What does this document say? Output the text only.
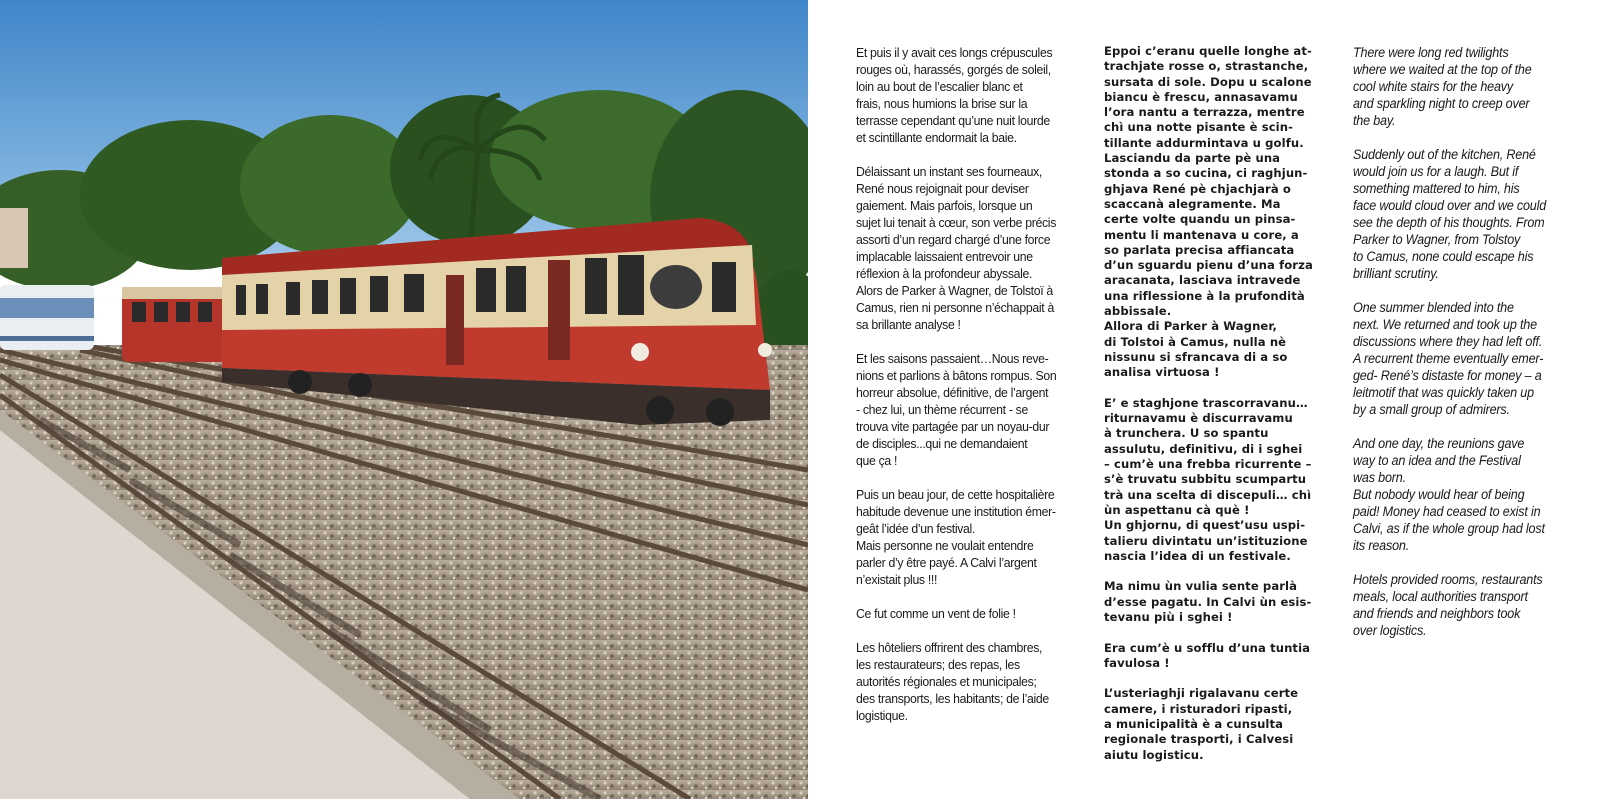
Et puis il y avait ces longs crépuscules
rouges où, harassés, gorgés de soleil,
loin au bout de l’escalier blanc et
frais, nous humions la brise sur la
terrasse cependant qu’une nuit lourde
et scintillante endormait la baie.

Délaissant un instant ses fourneaux,
René nous rejoignait pour deviser
gaiement. Mais parfois, lorsque un
sujet lui tenait à cœur, son verbe précis
assorti d’un regard chargé d’une force
implacable laissaient entrevoir une
réflexion à la profondeur abyssale.
Alors de Parker à Wagner, de Tolstoï à
Camus, rien ni personne n’échappait à
sa brillante analyse !

Et les saisons passaient…Nous reve-
nions et parlions à bâtons rompus. Son
horreur absolue, définitive, de l’argent
- chez lui, un thème récurrent - se
trouva vite partagée par un noyau-dur
de disciples...qui ne demandaient
que ça !

Puis un beau jour, de cette hospitalière
habitude devenue une institution émer-
geât l’idée d’un festival.
Mais personne ne voulait entendre
parler d’y être payé. A Calvi l’argent
n’existait plus !!!

Ce fut comme un vent de folie !

Les hôteliers offrirent des chambres,
les restaurateurs; des repas, les
autorités régionales et municipales;
des transports, les habitants; de l’aide
logistique.

Eppoi c’eranu quelle longhe at-
trachjate rosse o, strastanche,
sursata di sole. Dopu u scalone
biancu è frescu, annasavamu
l’ora nantu a terrazza, mentre
chì una notte pisante è scin-
tillante addurmintava u golfu.
Lasciandu da parte pè una
stonda a so cucina, ci raghjun-
ghjava René pè chjachjarà o
scaccanà alegramente. Ma
certe volte quandu un pinsa-
mentu li mantenava u core, a
so parlata precisa affiancata
d’un sguardu pienu d’una forza
aracanata, lasciava intravede
una riflessione à la prufondità
abbissale.
Allora di Parker à Wagner,
di Tolstoi à Camus, nulla nè
nissunu si sfrancava di a so
analisa virtuosa !

E’ e staghjone trascorravanu…
riturnavamu è discurravamu
à trunchera. U so spantu
assulutu, definitivu, di i sghei
– cum’è una frebba ricurrente –
s’è truvatu subbitu scumpartu
trà una scelta di discepuli… chì
ùn aspettanu cà què !
Un ghjornu, di quest’usu uspi-
talieru divintatu un’istituzione
nascia l’idea di un festivale.

Ma nimu ùn vulia sente parlà
d’esse pagatu. In Calvi ùn esis-
tevanu più i sghei !

Era cum’è u sofflu d’una tuntia
favulosa !

L’usteriaghji rigalavanu certe
camere, i risturadori ripasti,
a municipalità è a cunsulta
regionale trasporti, i Calvesi
aiutu logisticu.

There were long red twilights
where we waited at the top of the
cool white stairs for the heavy
and sparkling night to creep over
the bay.

Suddenly out of the kitchen, René
would join us for a laugh. But if
something mattered to him, his
face would cloud over and we could
see the depth of his thoughts. From
Parker to Wagner, from Tolstoy
to Camus, none could escape his
brilliant scrutiny.

One summer blended into the
next. We returned and took up the
discussions where they had left off.
A recurrent theme eventually emer-
ged- René’s distaste for money – a
leitmotif that was quickly taken up
by a small group of admirers.

And one day, the reunions gave
way to an idea and the Festival
was born.
But nobody would hear of being
paid! Money had ceased to exist in
Calvi, as if the whole group had lost
its reason.

Hotels provided rooms, restaurants
meals, local authorities transport
and friends and neighbors took
over logistics.
